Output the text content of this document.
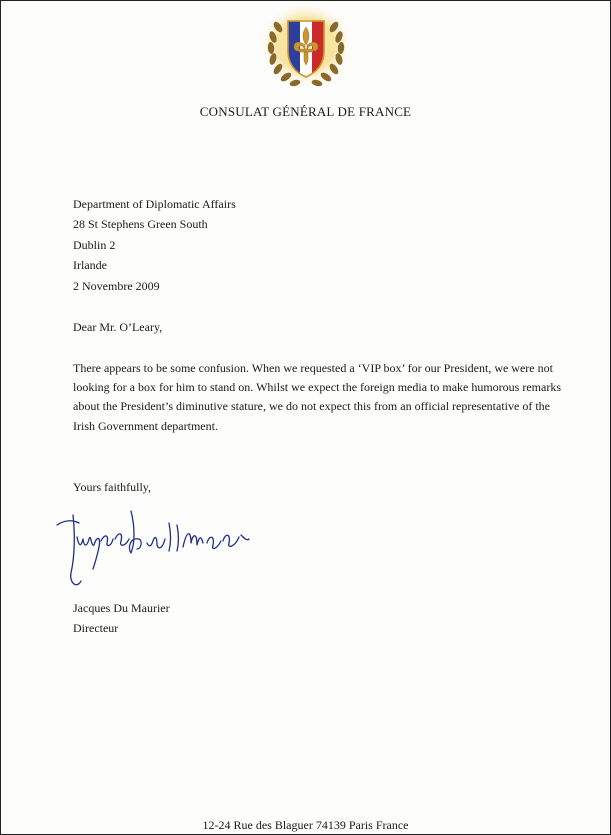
CONSULAT GÉNÉRAL DE FRANCE
Department of Diplomatic Affairs
28 St Stephens Green South
Dublin 2
Irlande
2 Novembre 2009
Dear Mr. O’Leary,
There appears to be some confusion. When we requested a ‘VIP box’ for our President, we were not looking for a box for him to stand on. Whilst we expect the foreign media to make humorous remarks about the President’s diminutive stature, we do not expect this from an official representative of the Irish Government department.
Yours faithfully,
Jacques Du Maurier
Directeur
12-24 Rue des Blaguer 74139 Paris France
